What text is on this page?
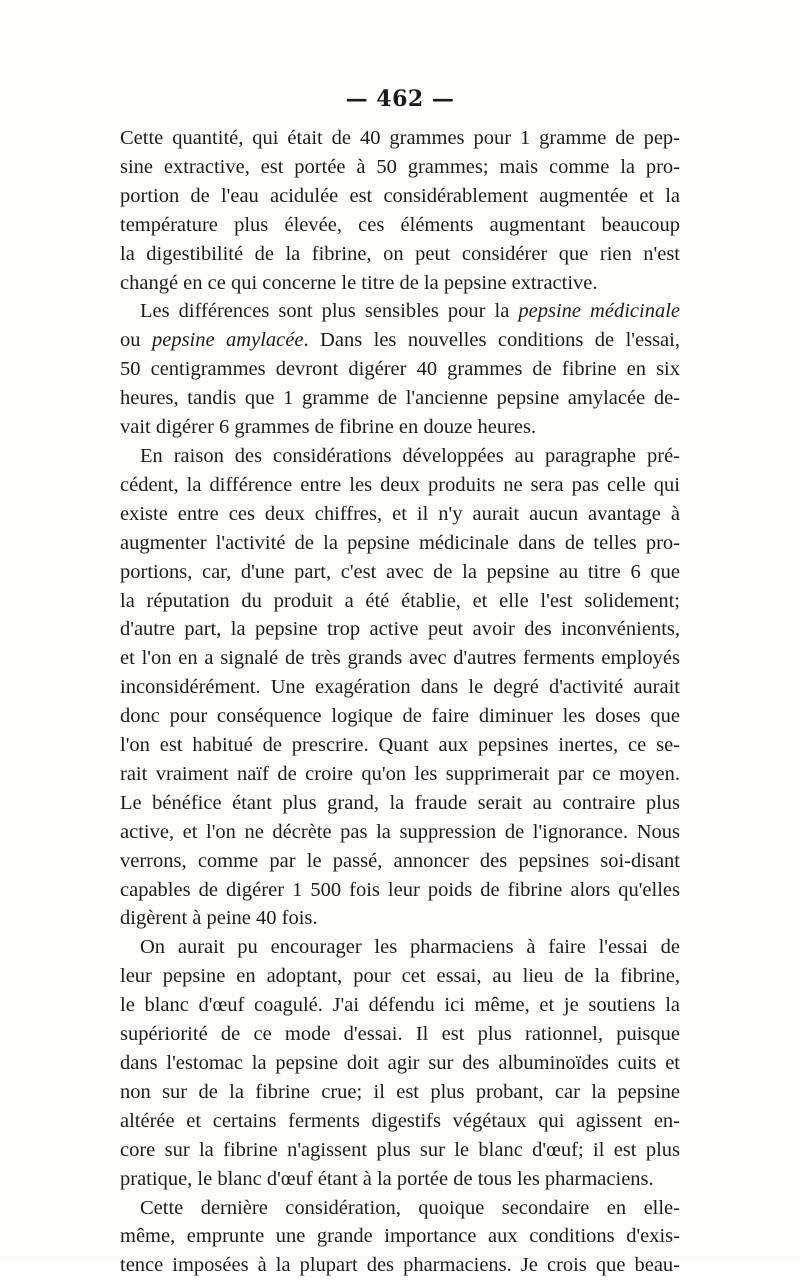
— 462 —
Cette quantité, qui était de 40 grammes pour 1 gramme de pep-
sine extractive, est portée à 50 grammes; mais comme la pro-
portion de l'eau acidulée est considérablement augmentée et la
température plus élevée, ces éléments augmentant beaucoup
la digestibilité de la fibrine, on peut considérer que rien n'est
changé en ce qui concerne le titre de la pepsine extractive.
Les différences sont plus sensibles pour la pepsine médicinale
ou pepsine amylacée. Dans les nouvelles conditions de l'essai,
50 centigrammes devront digérer 40 grammes de fibrine en six
heures, tandis que 1 gramme de l'ancienne pepsine amylacée de-
vait digérer 6 grammes de fibrine en douze heures.
En raison des considérations développées au paragraphe pré-
cédent, la différence entre les deux produits ne sera pas celle qui
existe entre ces deux chiffres, et il n'y aurait aucun avantage à
augmenter l'activité de la pepsine médicinale dans de telles pro-
portions, car, d'une part, c'est avec de la pepsine au titre 6 que
la réputation du produit a été établie, et elle l'est solidement;
d'autre part, la pepsine trop active peut avoir des inconvénients,
et l'on en a signalé de très grands avec d'autres ferments employés
inconsidérément. Une exagération dans le degré d'activité aurait
donc pour conséquence logique de faire diminuer les doses que
l'on est habitué de prescrire. Quant aux pepsines inertes, ce se-
rait vraiment naïf de croire qu'on les supprimerait par ce moyen.
Le bénéfice étant plus grand, la fraude serait au contraire plus
active, et l'on ne décrète pas la suppression de l'ignorance. Nous
verrons, comme par le passé, annoncer des pepsines soi-disant
capables de digérer 1 500 fois leur poids de fibrine alors qu'elles
digèrent à peine 40 fois.
On aurait pu encourager les pharmaciens à faire l'essai de
leur pepsine en adoptant, pour cet essai, au lieu de la fibrine,
le blanc d'œuf coagulé. J'ai défendu ici même, et je soutiens la
supériorité de ce mode d'essai. Il est plus rationnel, puisque
dans l'estomac la pepsine doit agir sur des albuminoïdes cuits et
non sur de la fibrine crue; il est plus probant, car la pepsine
altérée et certains ferments digestifs végétaux qui agissent en-
core sur la fibrine n'agissent plus sur le blanc d'œuf; il est plus
pratique, le blanc d'œuf étant à la portée de tous les pharmaciens.
Cette dernière considération, quoique secondaire en elle-
même, emprunte une grande importance aux conditions d'exis-
tence imposées à la plupart des pharmaciens. Je crois que beau-
